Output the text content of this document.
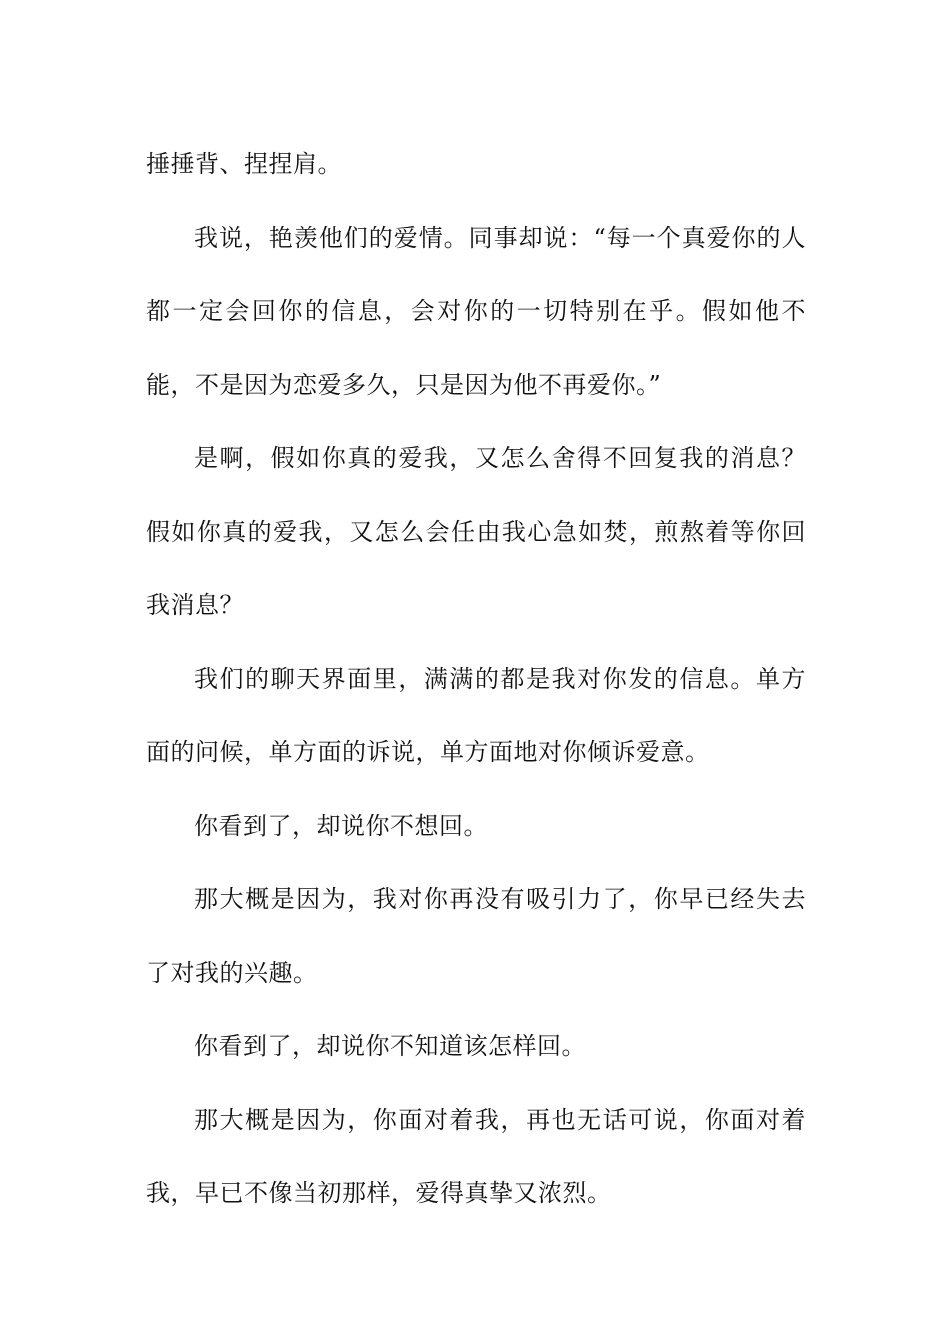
捶捶背、捏捏肩。

我说，艳羡他们的爱情。同事却说：“每一个真爱你的人都一定会回你的信息，会对你的一切特别在乎。假如他不能，不是因为恋爱多久，只是因为他不再爱你。”

是啊，假如你真的爱我，又怎么舍得不回复我的消息？假如你真的爱我，又怎么会任由我心急如焚，煎熬着等你回我消息？

我们的聊天界面里，满满的都是我对你发的信息。单方面的问候，单方面的诉说，单方面地对你倾诉爱意。

你看到了，却说你不想回。

那大概是因为，我对你再没有吸引力了，你早已经失去了对我的兴趣。

你看到了，却说你不知道该怎样回。

那大概是因为，你面对着我，再也无话可说，你面对着我，早已不像当初那样，爱得真挚又浓烈。
